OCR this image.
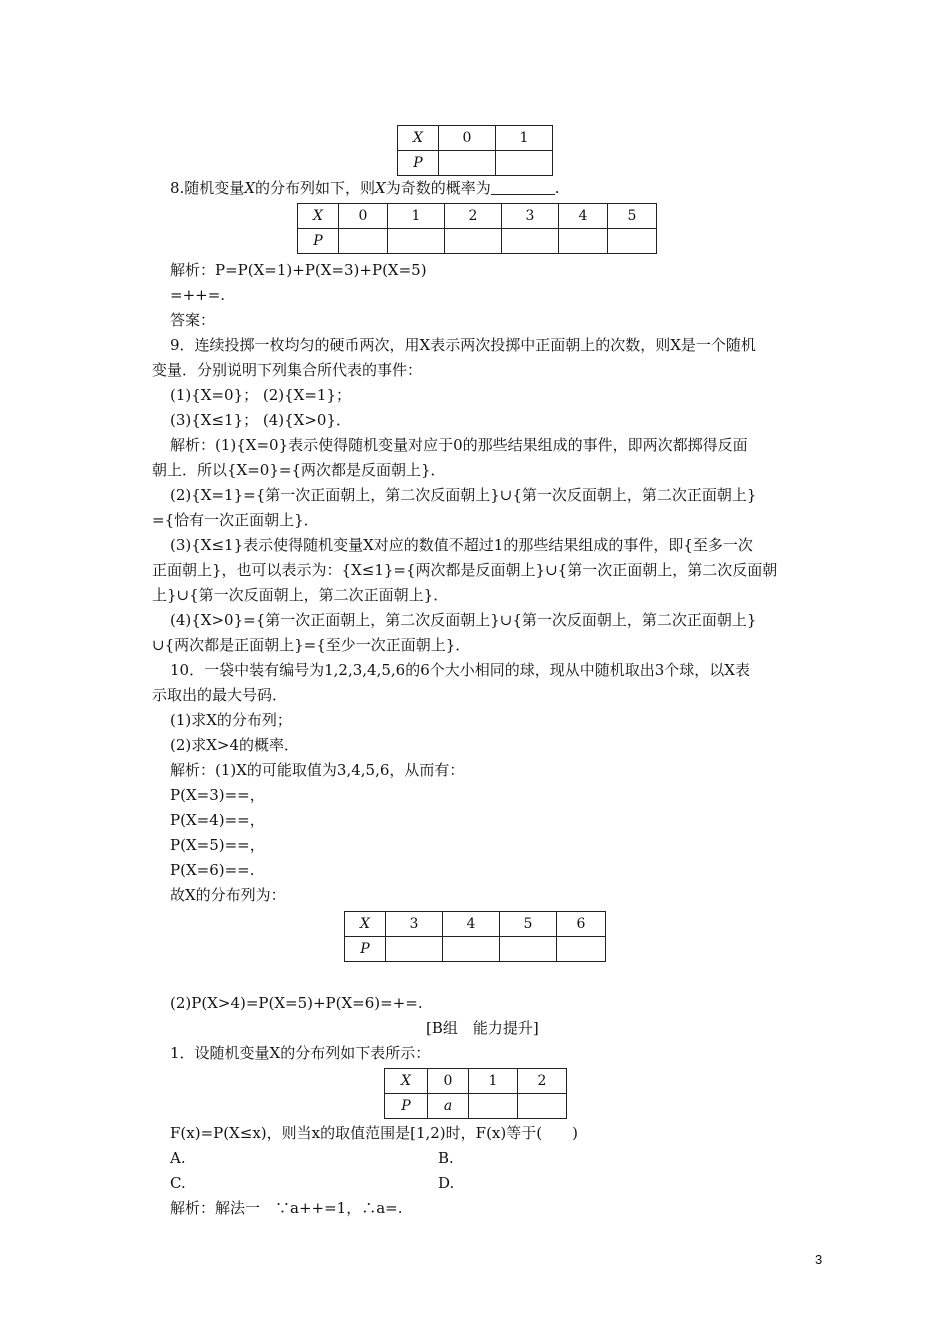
X	0	1
P		
8.随机变量X的分布列如下，则X为奇数的概率为	.
X	0	1	2	3	4	5
P						
解析：P=P(X=1)+P(X=3)+P(X=5)
=++=.
答案：
9．连续投掷一枚均匀的硬币两次，用X表示两次投掷中正面朝上的次数，则X是一个随机
变量．分别说明下列集合所代表的事件：
(1){X=0}； (2){X=1}；
(3){X≤1}； (4){X>0}．
解析：(1){X=0}表示使得随机变量对应于0的那些结果组成的事件，即两次都掷得反面
朝上．所以{X=0}={两次都是反面朝上}．
(2){X=1}={第一次正面朝上，第二次反面朝上}∪{第一次反面朝上，第二次正面朝上}
={恰有一次正面朝上}．
(3){X≤1}表示使得随机变量X对应的数值不超过1的那些结果组成的事件，即{至多一次
正面朝上}，也可以表示为：{X≤1}={两次都是反面朝上}∪{第一次正面朝上，第二次反面朝
上}∪{第一次反面朝上，第二次正面朝上}．
(4){X>0}={第一次正面朝上，第二次反面朝上}∪{第一次反面朝上，第二次正面朝上}
∪{两次都是正面朝上}={至少一次正面朝上}．
10．一袋中装有编号为1,2,3,4,5,6的6个大小相同的球，现从中随机取出3个球，以X表
示取出的最大号码．
(1)求X的分布列；
(2)求X>4的概率．
解析：(1)X的可能取值为3,4,5,6，从而有：
P(X=3)==，
P(X=4)==，
P(X=5)==，
P(X=6)==.
故X的分布列为：
X	3	4	5	6
P				
(2)P(X>4)=P(X=5)+P(X=6)=+=.
[B组　能力提升]
1．设随机变量X的分布列如下表所示：
X	0	1	2
P	a		
F(x)=P(X≤x)，则当x的取值范围是[1,2)时，F(x)等于(　　)
A.	B.
C.	D.
解析：解法一　∵a++=1，∴a=.
3
